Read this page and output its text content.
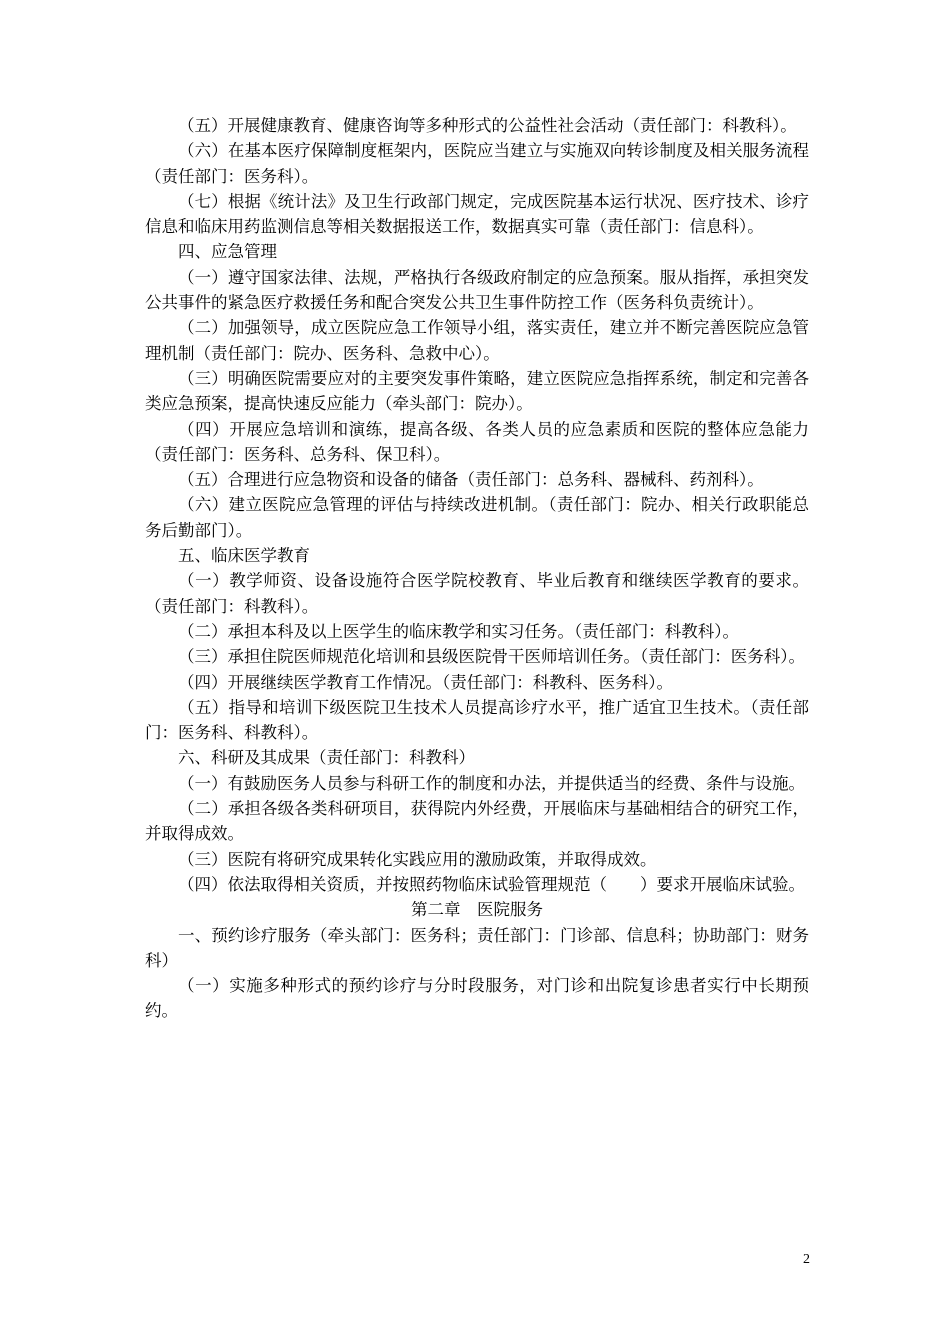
（五）开展健康教育、健康咨询等多种形式的公益性社会活动（责任部门：科教科）。

（六）在基本医疗保障制度框架内，医院应当建立与实施双向转诊制度及相关服务流程（责任部门：医务科）。

（七）根据《统计法》及卫生行政部门规定，完成医院基本运行状况、医疗技术、诊疗信息和临床用药监测信息等相关数据报送工作，数据真实可靠（责任部门：信息科）。

四、应急管理

（一）遵守国家法律、法规，严格执行各级政府制定的应急预案。服从指挥，承担突发公共事件的紧急医疗救援任务和配合突发公共卫生事件防控工作（医务科负责统计）。

（二）加强领导，成立医院应急工作领导小组，落实责任，建立并不断完善医院应急管理机制（责任部门：院办、医务科、急救中心）。

（三）明确医院需要应对的主要突发事件策略，建立医院应急指挥系统，制定和完善各类应急预案，提高快速反应能力（牵头部门：院办）。

（四）开展应急培训和演练，提高各级、各类人员的应急素质和医院的整体应急能力（责任部门：医务科、总务科、保卫科）。

（五）合理进行应急物资和设备的储备（责任部门：总务科、器械科、药剂科）。

（六）建立医院应急管理的评估与持续改进机制。（责任部门：院办、相关行政职能总务后勤部门）。

五、临床医学教育

（一）教学师资、设备设施符合医学院校教育、毕业后教育和继续医学教育的要求。（责任部门：科教科）。

（二）承担本科及以上医学生的临床教学和实习任务。（责任部门：科教科）。

（三）承担住院医师规范化培训和县级医院骨干医师培训任务。（责任部门：医务科）。

（四）开展继续医学教育工作情况。（责任部门：科教科、医务科）。

（五）指导和培训下级医院卫生技术人员提高诊疗水平，推广适宜卫生技术。（责任部门：医务科、科教科）。

六、科研及其成果（责任部门：科教科）

（一）有鼓励医务人员参与科研工作的制度和办法，并提供适当的经费、条件与设施。

（二）承担各级各类科研项目，获得院内外经费，开展临床与基础相结合的研究工作，并取得成效。

（三）医院有将研究成果转化实践应用的激励政策，并取得成效。

（四）依法取得相关资质，并按照药物临床试验管理规范（　　）要求开展临床试验。

第二章　医院服务

一、预约诊疗服务（牵头部门：医务科；责任部门：门诊部、信息科；协助部门：财务科）

（一）实施多种形式的预约诊疗与分时段服务，对门诊和出院复诊患者实行中长期预约。

2
